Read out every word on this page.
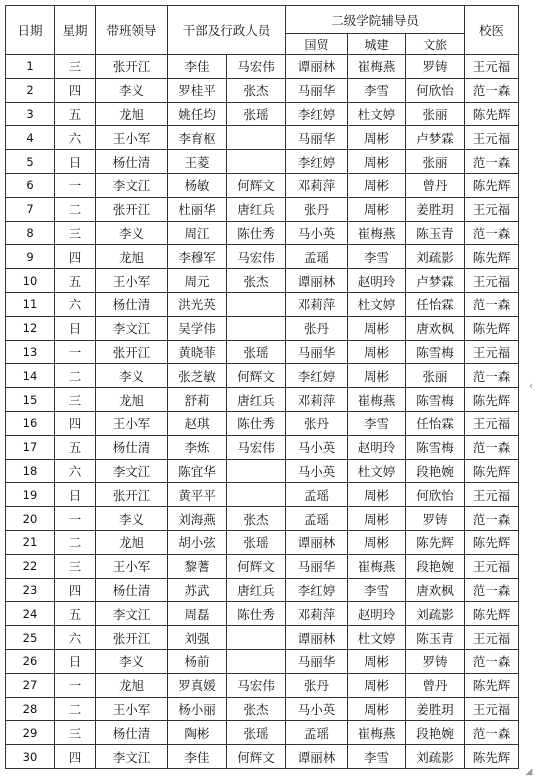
日期	星期	带班领导	干部及行政人员		二级学院辅导员			校医
					国贸	城建	文旅	
1	三	张开江	李佳	马宏伟	谭丽林	崔梅燕	罗铸	王元福
2	四	李义	罗桂平	张杰	马丽华	李雪	何欣怡	范一森
3	五	龙旭	姚任均	张瑶	李红婷	杜文婷	张丽	陈先辉
4	六	王小军	李育枢		马丽华	周彬	卢梦霖	王元福
5	日	杨仕清	王菱		李红婷	周彬	张丽	范一森
6	一	李文江	杨敏	何辉文	邓莉萍	周彬	曾丹	陈先辉
7	二	张开江	杜丽华	唐红兵	张丹	周彬	姜胜玥	王元福
8	三	李义	周江	陈仕秀	马小英	崔梅燕	陈玉青	范一森
9	四	龙旭	李穆军	马宏伟	孟瑶	李雪	刘疏影	陈先辉
10	五	王小军	周元	张杰	谭丽林	赵明玲	卢梦霖	王元福
11	六	杨仕清	洪光英		邓莉萍	杜文婷	任怡霖	范一森
12	日	李文江	吴学伟		张丹	周彬	唐欢枫	陈先辉
13	一	张开江	黄晓菲	张瑶	马丽华	周彬	陈雪梅	王元福
14	二	李义	张芝敏	何辉文	李红婷	周彬	张丽	范一森
15	三	龙旭	舒莉	唐红兵	邓莉萍	崔梅燕	陈雪梅	陈先辉
16	四	王小军	赵琪	陈仕秀	张丹	李雪	任怡霖	王元福
17	五	杨仕清	李炼	马宏伟	马小英	赵明玲	陈雪梅	范一森
18	六	李文江	陈宜华		马小英	杜文婷	段艳婉	陈先辉
19	日	张开江	黄平平		孟瑶	周彬	何欣怡	王元福
20	一	李义	刘海燕	张杰	孟瑶	周彬	罗铸	范一森
21	二	龙旭	胡小弦	张瑶	谭丽林	周彬	陈先辉	陈先辉
22	三	王小军	黎蓍	何辉文	马丽华	崔梅燕	段艳婉	王元福
23	四	杨仕清	苏武	唐红兵	李红婷	李雪	唐欢枫	范一森
24	五	李文江	周磊	陈仕秀	邓莉萍	赵明玲	刘疏影	陈先辉
25	六	张开江	刘强		谭丽林	杜文婷	陈玉青	王元福
26	日	李义	杨前		马丽华	周彬	罗铸	范一森
27	一	龙旭	罗真媛	马宏伟	张丹	周彬	曾丹	陈先辉
28	二	王小军	杨小丽	张杰	马小英	周彬	姜胜玥	王元福
29	三	杨仕清	陶彬	张瑶	孟瑶	崔梅燕	段艳婉	范一森
30	四	李文江	李佳	何辉文	谭丽林	李雪	刘疏影	陈先辉
‹
◢
